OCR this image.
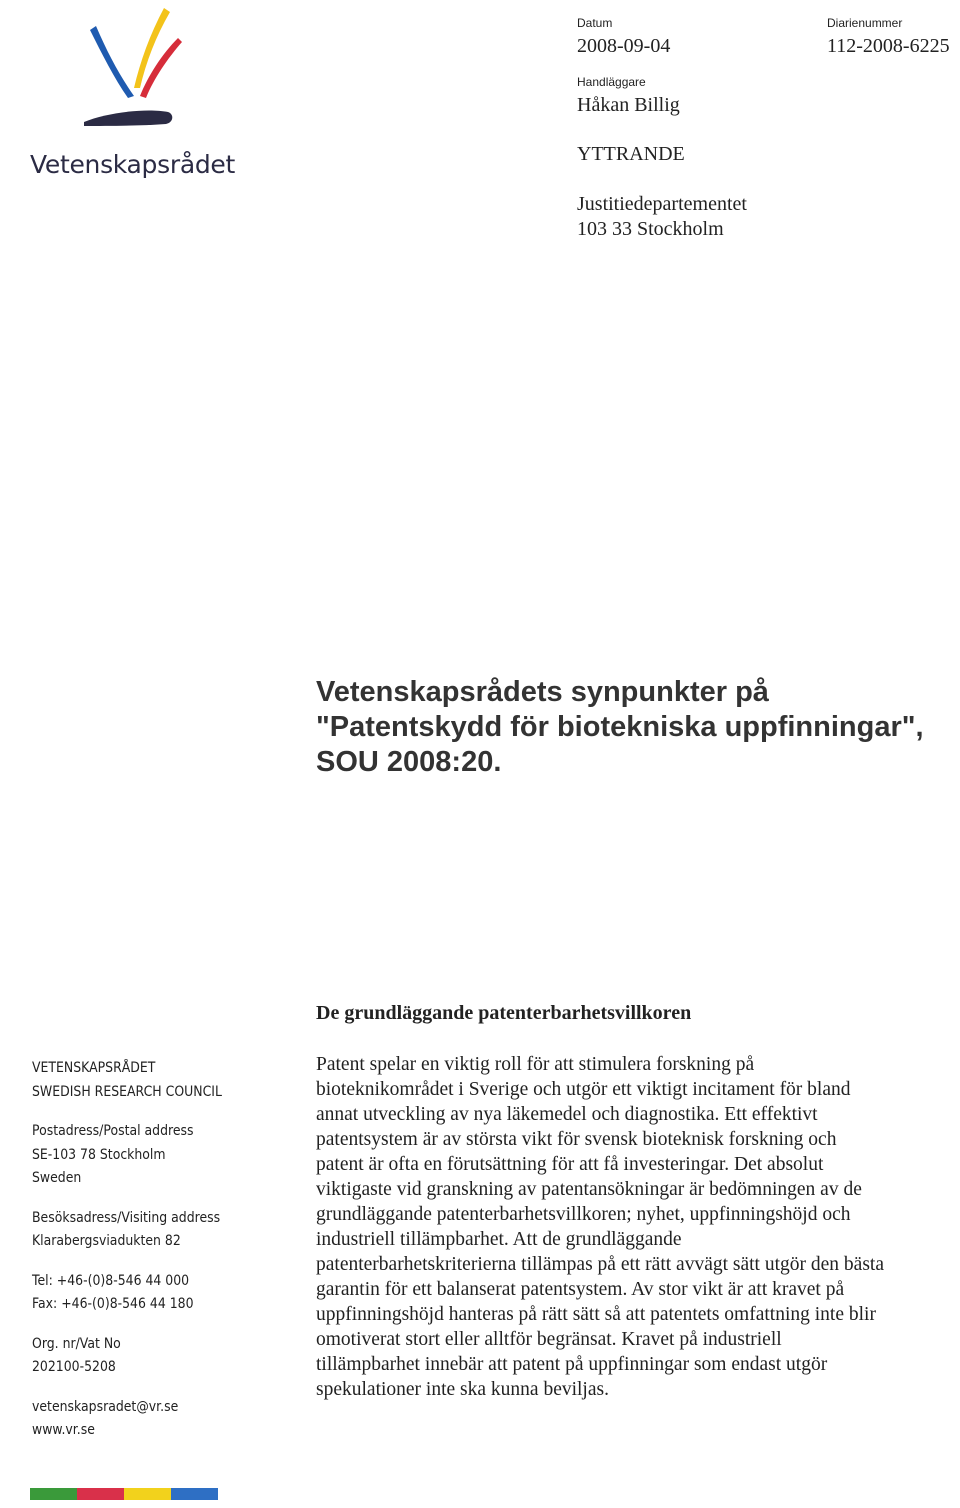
Vetenskapsrådet
Datum
2008-09-04
Diarienummer
112-2008-6225
Handläggare
Håkan Billig
YTTRANDE
Justitiedepartementet
103 33 Stockholm
Vetenskapsrådets synpunkter på
"Patentskydd för biotekniska uppfinningar",
SOU 2008:20.
De grundläggande patenterbarhetsvillkoren
Patent spelar en viktig roll för att stimulera forskning på
bioteknikområdet i Sverige och utgör ett viktigt incitament för bland
annat utveckling av nya läkemedel och diagnostika. Ett effektivt
patentsystem är av största vikt för svensk bioteknisk forskning och
patent är ofta en förutsättning för att få investeringar. Det absolut
viktigaste vid granskning av patentansökningar är bedömningen av de
grundläggande patenterbarhetsvillkoren; nyhet, uppfinningshöjd och
industriell tillämpbarhet. Att de grundläggande
patenterbarhetskriterierna tillämpas på ett rätt avvägt sätt utgör den bästa
garantin för ett balanserat patentsystem. Av stor vikt är att kravet på
uppfinningshöjd hanteras på rätt sätt så att patentets omfattning inte blir
omotiverat stort eller alltför begränsat. Kravet på industriell
tillämpbarhet innebär att patent på uppfinningar som endast utgör
spekulationer inte ska kunna beviljas.
VETENSKAPSRÅDET
SWEDISH RESEARCH COUNCIL
Postadress/Postal address
SE-103 78 Stockholm
Sweden
Besöksadress/Visiting address
Klarabergsviadukten 82
Tel: +46-(0)8-546 44 000
Fax: +46-(0)8-546 44 180
Org. nr/Vat No
202100-5208
vetenskapsradet@vr.se
www.vr.se
